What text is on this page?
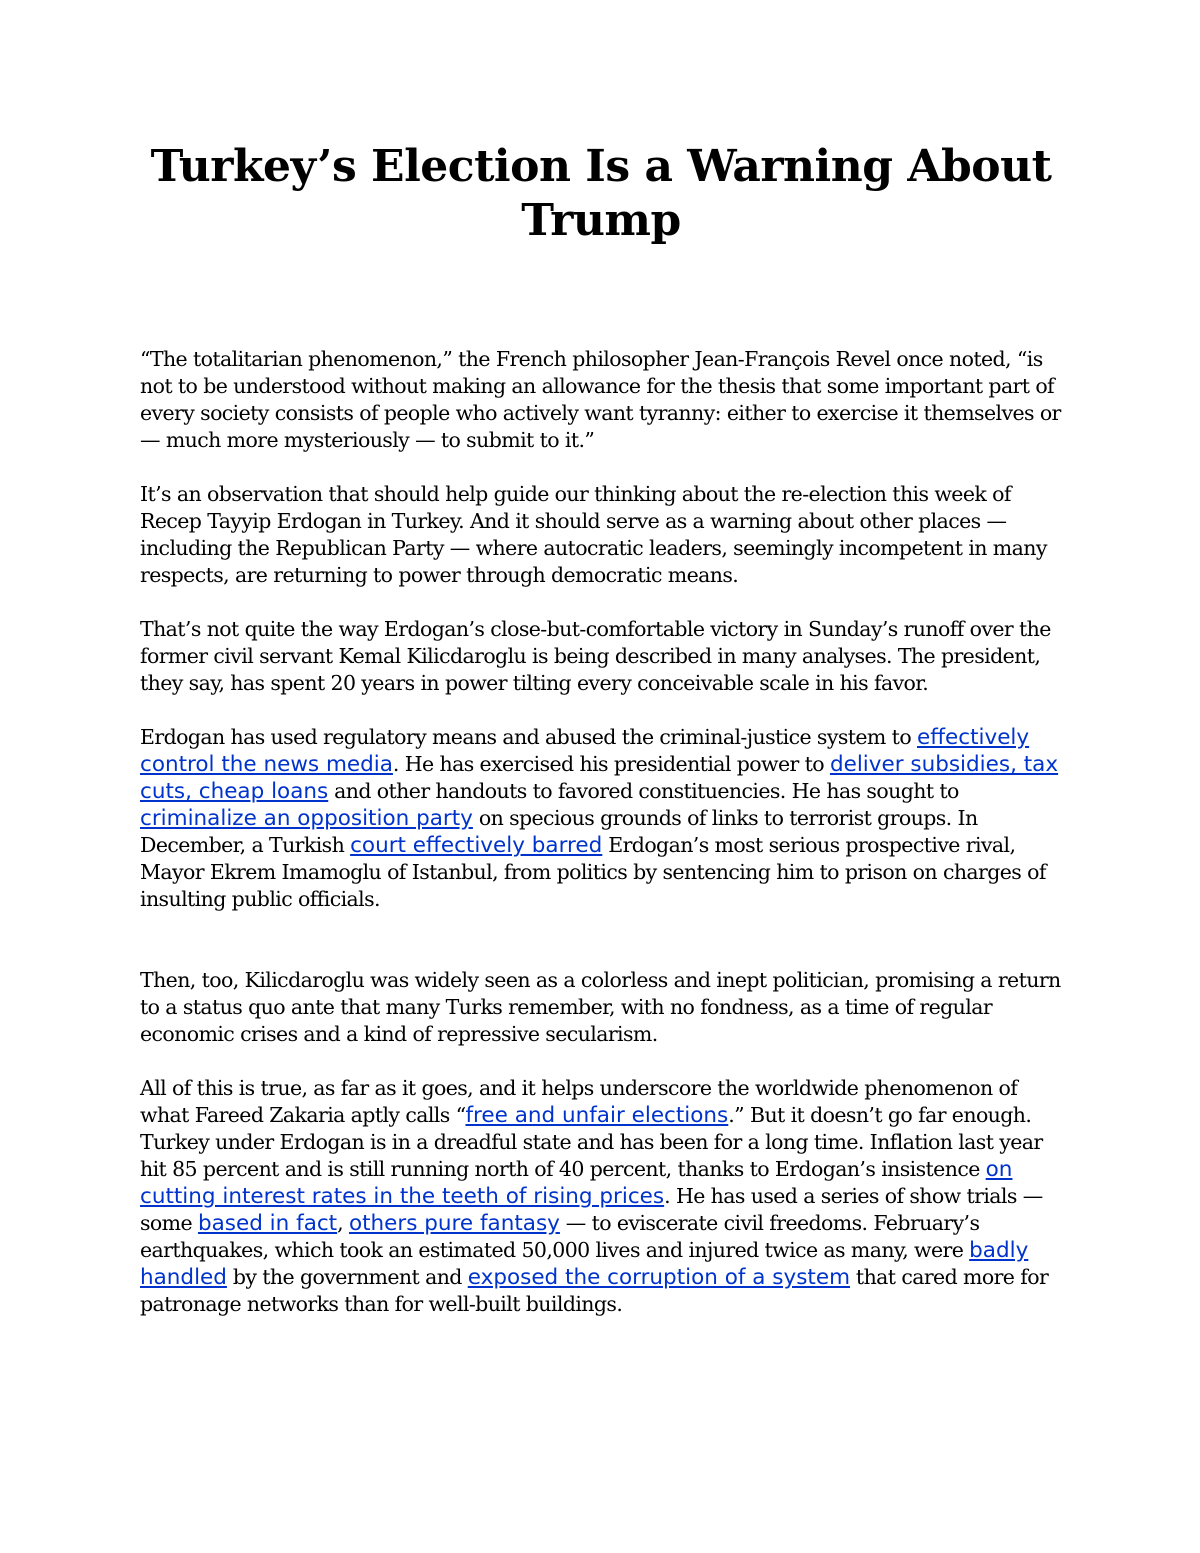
Turkey’s Election Is a Warning About Trump

“The totalitarian phenomenon,” the French philosopher Jean-François Revel once noted, “is not to be understood without making an allowance for the thesis that some important part of every society consists of people who actively want tyranny: either to exercise it themselves or — much more mysteriously — to submit to it.”

It’s an observation that should help guide our thinking about the re-election this week of Recep Tayyip Erdogan in Turkey. And it should serve as a warning about other places — including the Republican Party — where autocratic leaders, seemingly incompetent in many respects, are returning to power through democratic means.

That’s not quite the way Erdogan’s close-but-comfortable victory in Sunday’s runoff over the former civil servant Kemal Kilicdaroglu is being described in many analyses. The president, they say, has spent 20 years in power tilting every conceivable scale in his favor.

Erdogan has used regulatory means and abused the criminal-justice system to effectively control the news media. He has exercised his presidential power to deliver subsidies, tax cuts, cheap loans and other handouts to favored constituencies. He has sought to criminalize an opposition party on specious grounds of links to terrorist groups. In December, a Turkish court effectively barred Erdogan’s most serious prospective rival, Mayor Ekrem Imamoglu of Istanbul, from politics by sentencing him to prison on charges of insulting public officials.

Then, too, Kilicdaroglu was widely seen as a colorless and inept politician, promising a return to a status quo ante that many Turks remember, with no fondness, as a time of regular economic crises and a kind of repressive secularism.

All of this is true, as far as it goes, and it helps underscore the worldwide phenomenon of what Fareed Zakaria aptly calls “free and unfair elections.” But it doesn’t go far enough.

Turkey under Erdogan is in a dreadful state and has been for a long time. Inflation last year hit 85 percent and is still running north of 40 percent, thanks to Erdogan’s insistence on cutting interest rates in the teeth of rising prices. He has used a series of show trials — some based in fact, others pure fantasy — to eviscerate civil freedoms. February’s earthquakes, which took an estimated 50,000 lives and injured twice as many, were badly handled by the government and exposed the corruption of a system that cared more for patronage networks than for well-built buildings.
